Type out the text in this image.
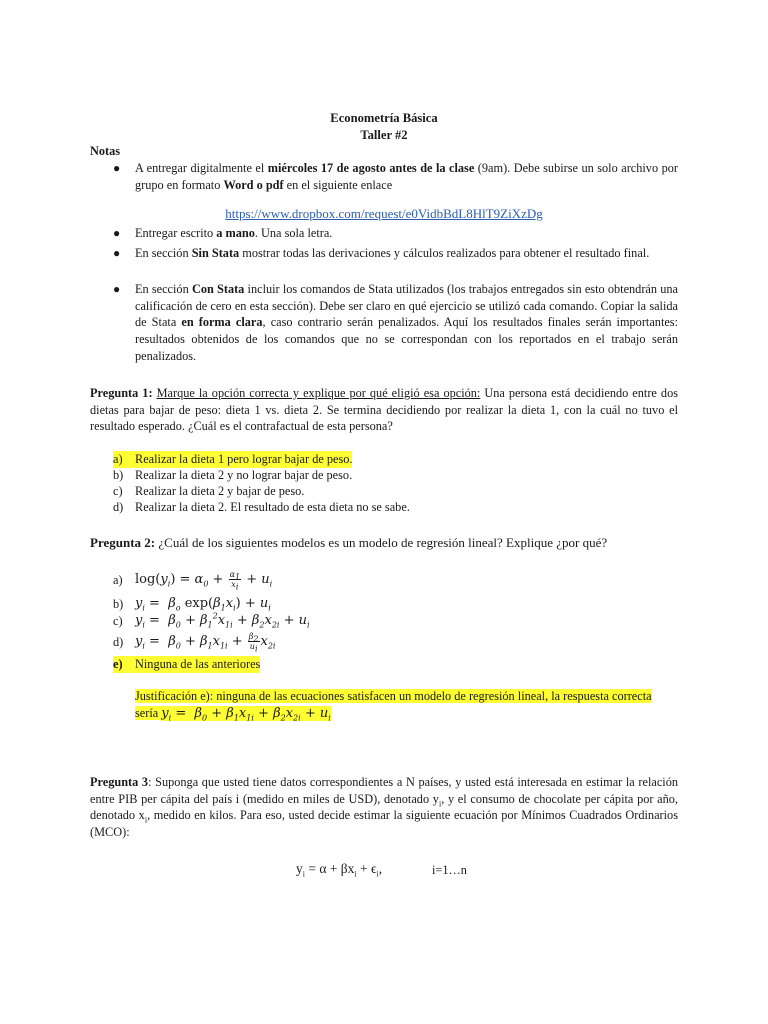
Econometría Básica
Taller #2
Notas
● A entregar digitalmente el miércoles 17 de agosto antes de la clase (9am). Debe subirse un solo archivo por grupo en formato Word o pdf en el siguiente enlace
https://www.dropbox.com/request/e0VidbBdL8HlT9ZiXzDg
● Entregar escrito a mano. Una sola letra.
● En sección Sin Stata mostrar todas las derivaciones y cálculos realizados para obtener el resultado final.
● En sección Con Stata incluir los comandos de Stata utilizados (los trabajos entregados sin esto obtendrán una calificación de cero en esta sección). Debe ser claro en qué ejercicio se utilizó cada comando. Copiar la salida de Stata en forma clara, caso contrario serán penalizados. Aquí los resultados finales serán importantes: resultados obtenidos de los comandos que no se correspondan con los reportados en el trabajo serán penalizados.
Pregunta 1: Marque la opción correcta y explique por qué eligió esa opción: Una persona está decidiendo entre dos dietas para bajar de peso: dieta 1 vs. dieta 2. Se termina decidiendo por realizar la dieta 1, con la cuál no tuvo el resultado esperado. ¿Cuál es el contrafactual de esta persona?
a)	Realizar la dieta 1 pero lograr bajar de peso.
b) Realizar la dieta 2 y no lograr bajar de peso.
c)	Realizar la dieta 2 y bajar de peso.
d) Realizar la dieta 2. El resultado de esta dieta no se sabe.
Pregunta 2: ¿Cuál de los siguientes modelos es un modelo de regresión lineal? Explique ¿por qué?
a) $\log(y_i) = \alpha_0 + \frac{\alpha_1}{x_i} + u_i$
b) $y_i = \beta_o$ $\exp(\beta_1x_i) + u_i$
c) $y_i = \beta_0 + \beta_1^2x_{1i} + \beta_2x_{2i} + u_i$
d) $y_i = \beta_0 + \beta_1x_{1i} + \frac{\beta_2}{u_i} x_{2i}$
e)	Ninguna de las anteriores
Justificación e): ninguna de las ecuaciones satisfacen un modelo de regresión lineal, la respuesta correcta sería $y_i = \beta_0 + \beta_1x_{1i} + \beta_2x_{2i} + u_i$
Pregunta 3: Suponga que usted tiene datos correspondientes a N países, y usted está interesada en estimar la relación entre PIB per cápita del país i (medido en miles de USD), denotado $y_i$, y el consumo de chocolate per cápita por año, denotado $x_i$, medido en kilos. Para eso, usted decide estimar la siguiente ecuación por Mínimos Cuadrados Ordinarios (MCO):
$y_i = \alpha + \beta x_i + \epsilon_i$,	i=1…n
